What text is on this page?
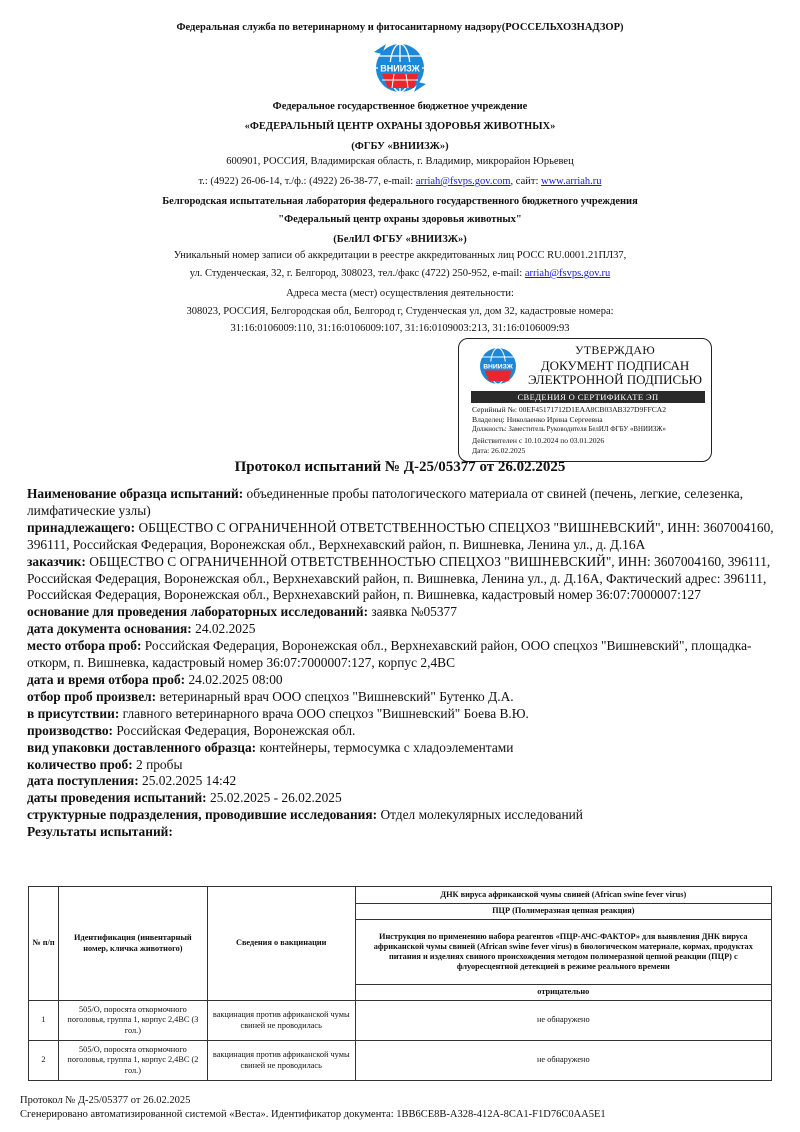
Федеральная служба по ветеринарному и фитосанитарному надзору(РОССЕЛЬХОЗНАДЗОР)
ВНИИЗЖ
Федеральное государственное бюджетное учреждение
«ФЕДЕРАЛЬНЫЙ ЦЕНТР ОХРАНЫ ЗДОРОВЬЯ ЖИВОТНЫХ»
(ФГБУ «ВНИИЗЖ»)
600901, РОССИЯ, Владимирская область, г. Владимир, микрорайон Юрьевец
т.: (4922) 26-06-14, т./ф.: (4922) 26-38-77, e-mail: arriah@fsvps.gov.com, сайт: www.arriah.ru
Белгородская испытательная лаборатория федерального государственного бюджетного учреждения
"Федеральный центр охраны здоровья животных"
(БелИЛ ФГБУ «ВНИИЗЖ»)
Уникальный номер записи об аккредитации в реестре аккредитованных лиц РОСС RU.0001.21ПЛ37,
ул. Студенческая, 32, г. Белгород, 308023, тел./факс (4722) 250-952, e-mail: arriah@fsvps.gov.ru
Адреса места (мест) осуществления деятельности:
308023, РОССИЯ, Белгородская обл, Белгород г, Студенческая ул, дом 32, кадастровые номера:
31:16:0106009:110, 31:16:0106009:107, 31:16:0109003:213, 31:16:0106009:93
ВНИИЗЖ
УТВЕРЖДАЮ
ДОКУМЕНТ ПОДПИСАН
ЭЛЕКТРОННОЙ ПОДПИСЬЮ
СВЕДЕНИЯ О СЕРТИФИКАТЕ ЭП
Серийный №: 00EF45171712D1EAA8CB03AB327D9FFCA2
Владелец: Николаенко Ирина Сергеевна
Должность: Заместитель Руководителя БелИЛ ФГБУ «ВНИИЗЖ»
Действителен с 10.10.2024 по 03.01.2026
Дата: 26.02.2025
Протокол испытаний № Д-25/05377 от 26.02.2025

Наименование образца испытаний: объединенные пробы патологического материала от свиней (печень, легкие, селезенка, лимфатические узлы)

принадлежащего: ОБЩЕСТВО С ОГРАНИЧЕННОЙ ОТВЕТСТВЕННОСТЬЮ СПЕЦХОЗ "ВИШНЕВСКИЙ", ИНН: 3607004160, 396111, Российская Федерация, Воронежская обл., Верхнехавский район, п. Вишневка, Ленина ул., д. Д.16А

заказчик: ОБЩЕСТВО С ОГРАНИЧЕННОЙ ОТВЕТСТВЕННОСТЬЮ СПЕЦХОЗ "ВИШНЕВСКИЙ", ИНН: 3607004160, 396111, Российская Федерация, Воронежская обл., Верхнехавский район, п. Вишневка, Ленина ул., д. Д.16А, Фактический адрес: 396111, Российская Федерация, Воронежская обл., Верхнехавский район, п. Вишневка, кадастровый номер 36:07:7000007:127

основание для проведения лабораторных исследований: заявка №05377

дата документа основания: 24.02.2025

место отбора проб: Российская Федерация, Воронежская обл., Верхнехавский район, ООО спецхоз "Вишневский", площадка-откорм, п. Вишневка, кадастровый номер 36:07:7000007:127, корпус 2,4ВС

дата и время отбора проб: 24.02.2025 08:00

отбор проб произвел: ветеринарный врач ООО спецхоз "Вишневский" Бутенко Д.А.

в присутствии: главного ветеринарного врача ООО спецхоз "Вишневский" Боева В.Ю.

производство: Российская Федерация, Воронежская обл.

вид упаковки доставленного образца: контейнеры, термосумка с хладоэлементами

количество проб: 2 пробы

дата поступления: 25.02.2025 14:42

даты проведения испытаний: 25.02.2025 - 26.02.2025

структурные подразделения, проводившие исследования: Отдел молекулярных исследований

Результаты испытаний:

№ п/п	Идентификация (инвентарный номер, кличка животного)	Сведения о вакцинации	ДНК вируса африканской чумы свиней (African swine fever virus)
			ПЦР (Полимеразная цепная реакция)
			Инструкция по применению набора реагентов «ПЦР-АЧС-ФАКТОР» для выявления ДНК вируса африканской чумы свиней (African swine fever virus) в биологическом материале, кормах, продуктах питания и изделиях свиного происхождения методом полимеразной цепной реакции (ПЦР) с флуоресцентной детекцией в режиме реального времени
			отрицательно
1	505/О, поросята откормочного поголовья, группа 1, корпус 2,4ВС (3 гол.)	вакцинация против африканской чумы свиней не проводилась	не обнаружено
2	505/О, поросята откормочного поголовья, группа 1, корпус 2,4ВС (2 гол.)	вакцинация против африканской чумы свиней не проводилась	не обнаружено
Протокол № Д-25/05377 от 26.02.2025
Сгенерировано автоматизированной системой «Веста». Идентификатор документа: 1BB6CE8B-A328-412A-8CA1-F1D76C0AA5E1
